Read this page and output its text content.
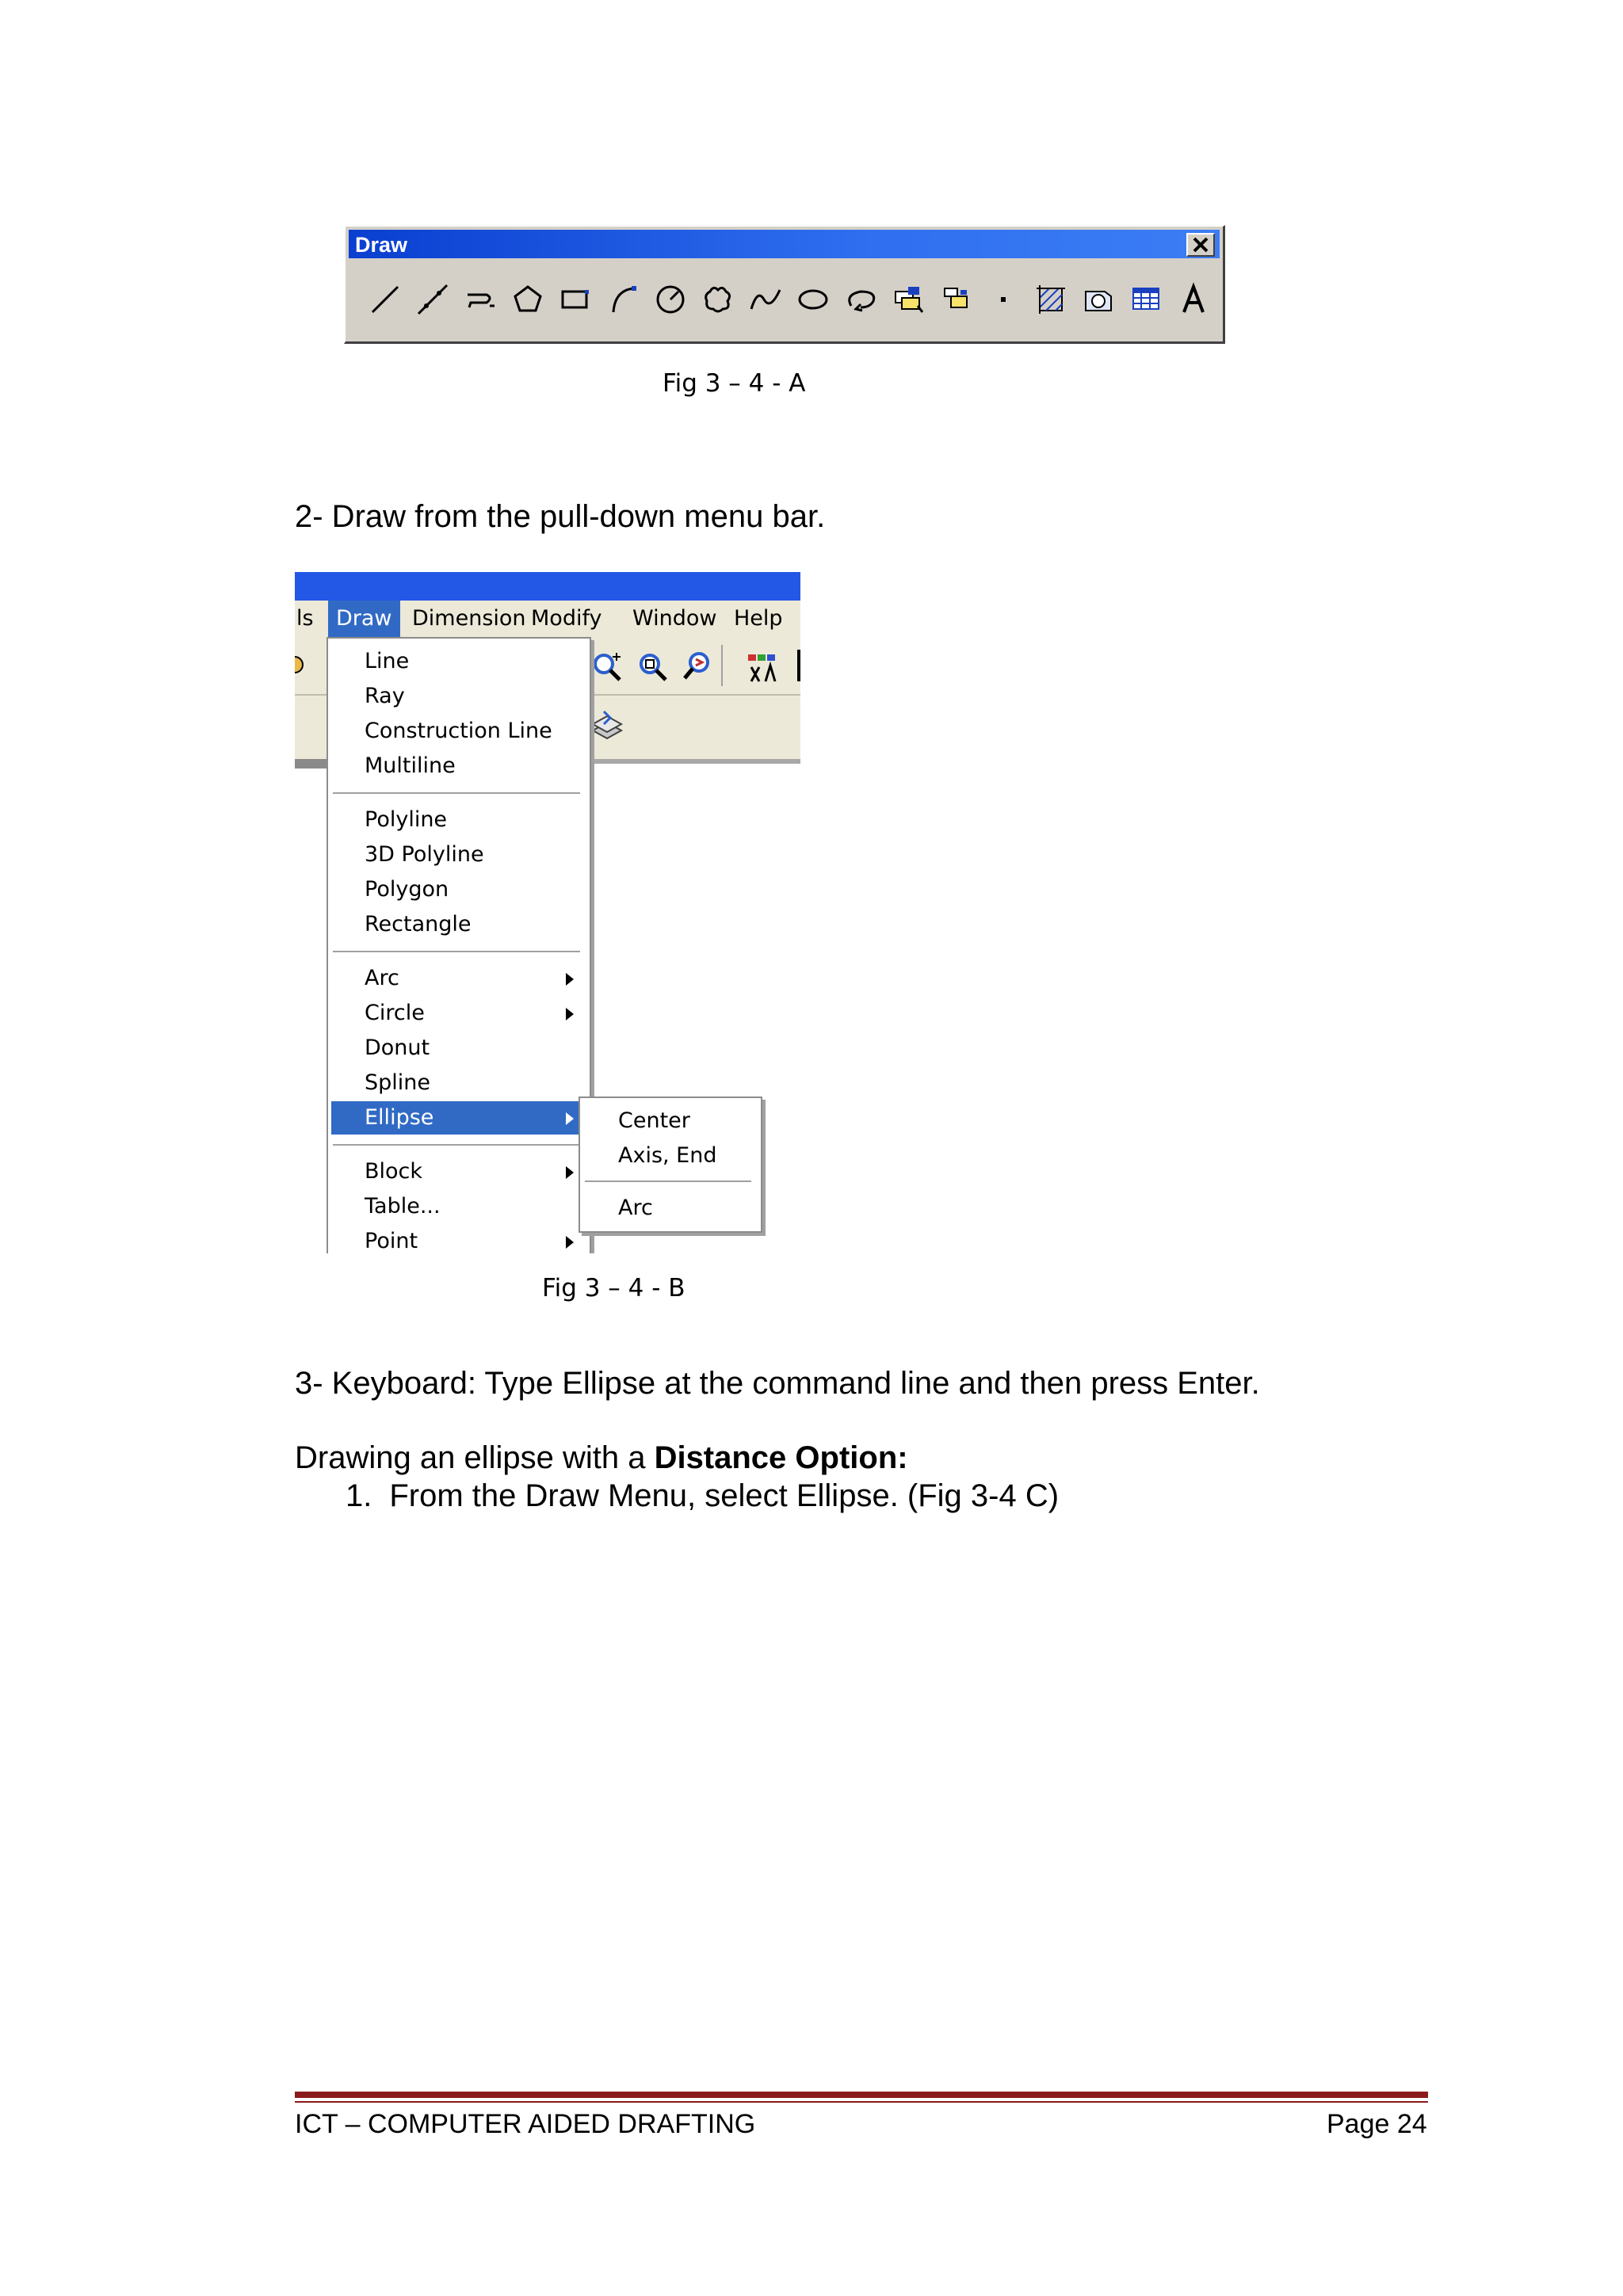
Draw
Fig 3 – 4 - A
2- Draw from the pull-down menu bar.
ls	Draw Dimension Modify	Window Help
Line
Ray
Construction Line
Multiline
Polyline
3D Polyline
Polygon
Rectangle
Arc
Circle
Donut
Spline
Ellipse
Block
Table...
Point
Center
Axis, End
Arc
Fig 3 – 4 - B
3- Keyboard: Type Ellipse at the command line and then press Enter.
Drawing an ellipse with a Distance Option:
1. From the Draw Menu, select Ellipse. (Fig 3-4 C)
ICT – COMPUTER AIDED DRAFTING	Page 24
